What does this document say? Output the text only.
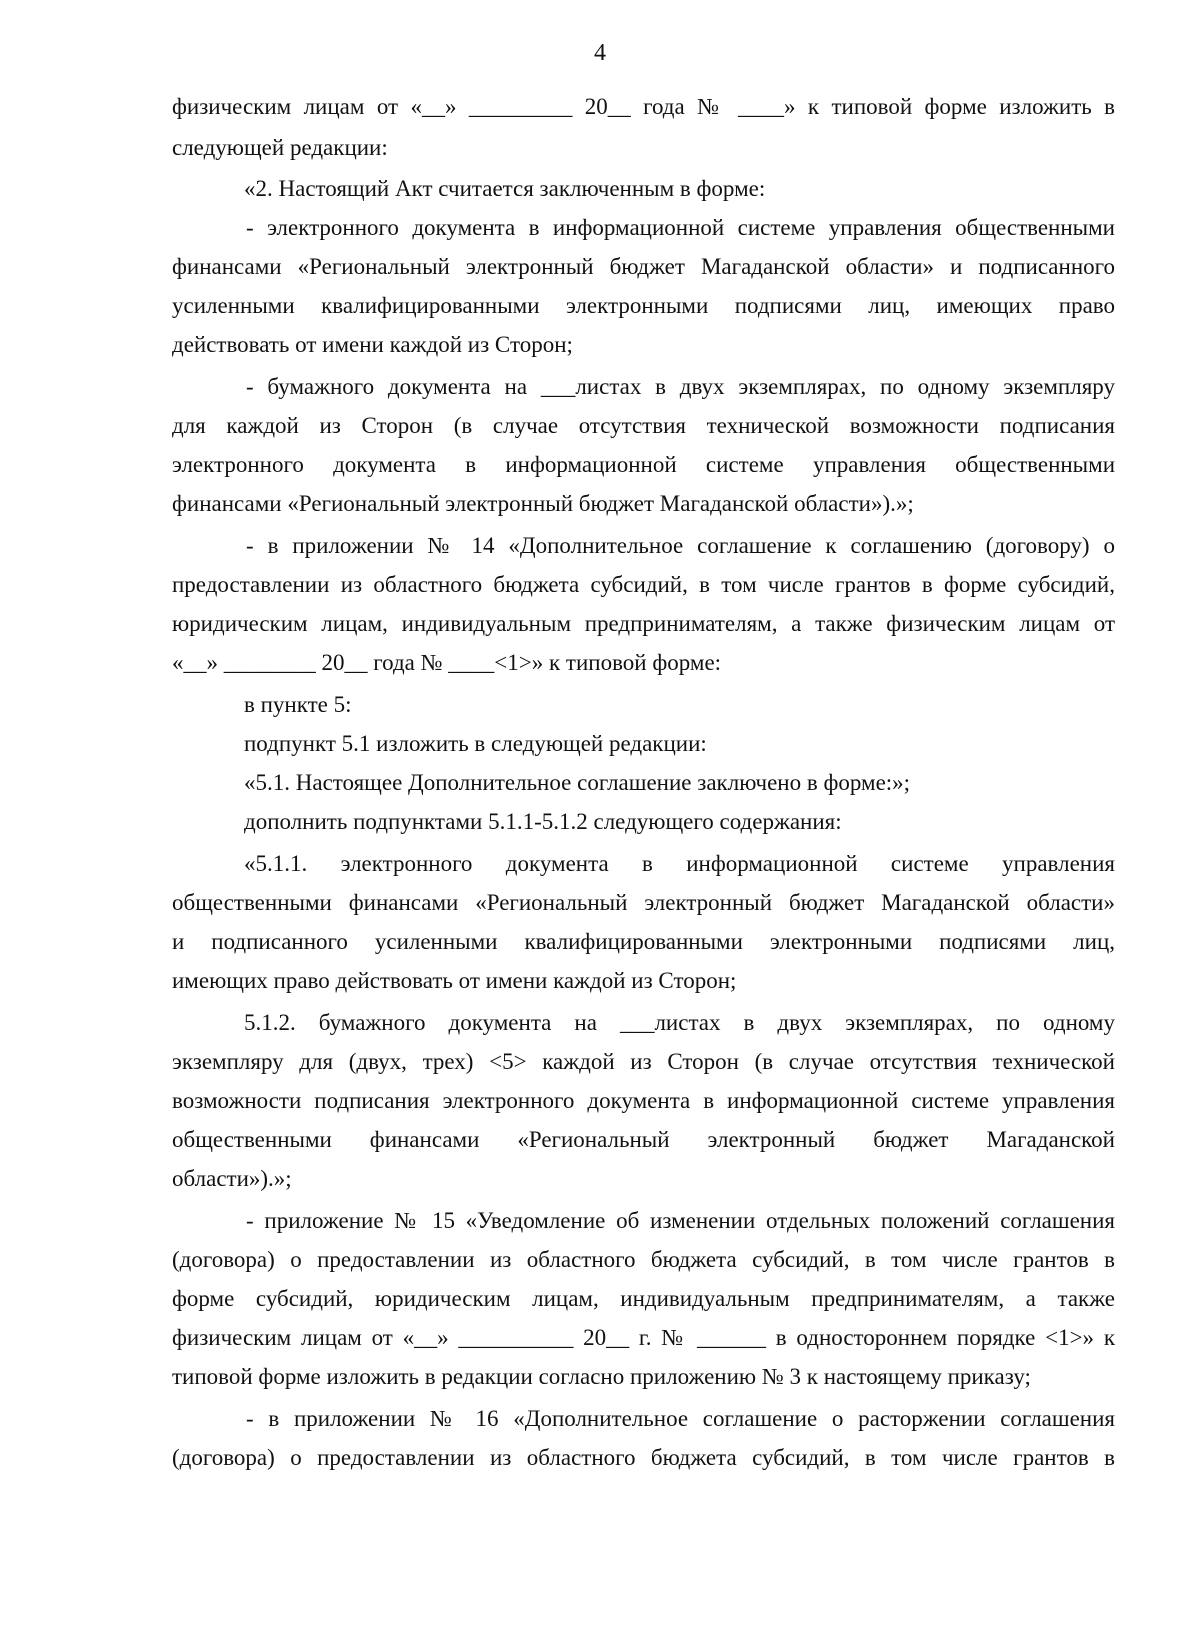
4
физическим лицам от «__» _________ 20__ года № ____» к типовой форме изложить в
следующей редакции:
«2. Настоящий Акт считается заключенным в форме:
- электронного документа в информационной системе управления общественными
финансами «Региональный электронный бюджет Магаданской области» и подписанного
усиленными квалифицированными электронными подписями лиц, имеющих право
действовать от имени каждой из Сторон;
- бумажного документа на ___листах в двух экземплярах, по одному экземпляру
для каждой из Сторон (в случае отсутствия технической возможности подписания
электронного документа в информационной системе управления общественными
финансами «Региональный электронный бюджет Магаданской области»).»;
- в приложении № 14 «Дополнительное соглашение к соглашению (договору) о
предоставлении из областного бюджета субсидий, в том числе грантов в форме субсидий,
юридическим лицам, индивидуальным предпринимателям, а также физическим лицам от
«__» ________ 20__ года № ____<1>» к типовой форме:
в пункте 5:
подпункт 5.1 изложить в следующей редакции:
«5.1. Настоящее Дополнительное соглашение заключено в форме:»;
дополнить подпунктами 5.1.1-5.1.2 следующего содержания:
«5.1.1. электронного документа в информационной системе управления
общественными финансами «Региональный электронный бюджет Магаданской области»
и подписанного усиленными квалифицированными электронными подписями лиц,
имеющих право действовать от имени каждой из Сторон;
5.1.2. бумажного документа на ___листах в двух экземплярах, по одному
экземпляру для (двух, трех) <5> каждой из Сторон (в случае отсутствия технической
возможности подписания электронного документа в информационной системе управления
общественными финансами «Региональный электронный бюджет Магаданской
области»).»;
- приложение № 15 «Уведомление об изменении отдельных положений соглашения
(договора) о предоставлении из областного бюджета субсидий, в том числе грантов в
форме субсидий, юридическим лицам, индивидуальным предпринимателям, а также
физическим лицам от «__» __________ 20__ г. № ______ в одностороннем порядке <1>» к
типовой форме изложить в редакции согласно приложению № 3 к настоящему приказу;
- в приложении № 16 «Дополнительное соглашение о расторжении соглашения
(договора) о предоставлении из областного бюджета субсидий, в том числе грантов в
